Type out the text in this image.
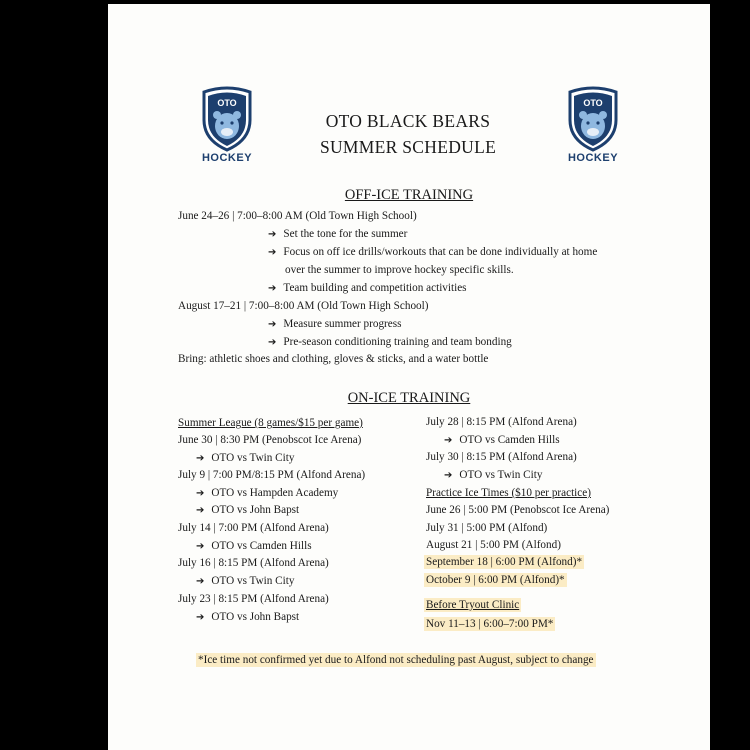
OTO
HOCKEY
OTO
HOCKEY
OTO BLACK BEARS
SUMMER SCHEDULE
OFF-ICE TRAINING
June 24–26 | 7:00–8:00 AM (Old Town High School)
➔ Set the tone for the summer
➔ Focus on off ice drills/workouts that can be done individually at home
over the summer to improve hockey specific skills.
➔ Team building and competition activities
August 17–21 | 7:00–8:00 AM (Old Town High School)
➔ Measure summer progress
➔ Pre-season conditioning training and team bonding
Bring: athletic shoes and clothing, gloves & sticks, and a water bottle
ON-ICE TRAINING
Summer League (8 games/$15 per game)
June 30 | 8:30 PM (Penobscot Ice Arena)
➔ OTO vs Twin City
July 9 | 7:00 PM/8:15 PM (Alfond Arena)
➔ OTO vs Hampden Academy
➔ OTO vs John Bapst
July 14 | 7:00 PM (Alfond Arena)
➔ OTO vs Camden Hills
July 16 | 8:15 PM (Alfond Arena)
➔ OTO vs Twin City
July 23 | 8:15 PM (Alfond Arena)
➔ OTO vs John Bapst
July 28 | 8:15 PM (Alfond Arena)
➔ OTO vs Camden Hills
July 30 | 8:15 PM (Alfond Arena)
➔ OTO vs Twin City
Practice Ice Times ($10 per practice)
June 26 | 5:00 PM (Penobscot Ice Arena)
July 31 | 5:00 PM (Alfond)
August 21 | 5:00 PM (Alfond)
September 18 | 6:00 PM (Alfond)*
October 9 | 6:00 PM (Alfond)*
Before Tryout Clinic
Nov 11–13 | 6:00–7:00 PM*
*Ice time not confirmed yet due to Alfond not scheduling past August, subject to change
